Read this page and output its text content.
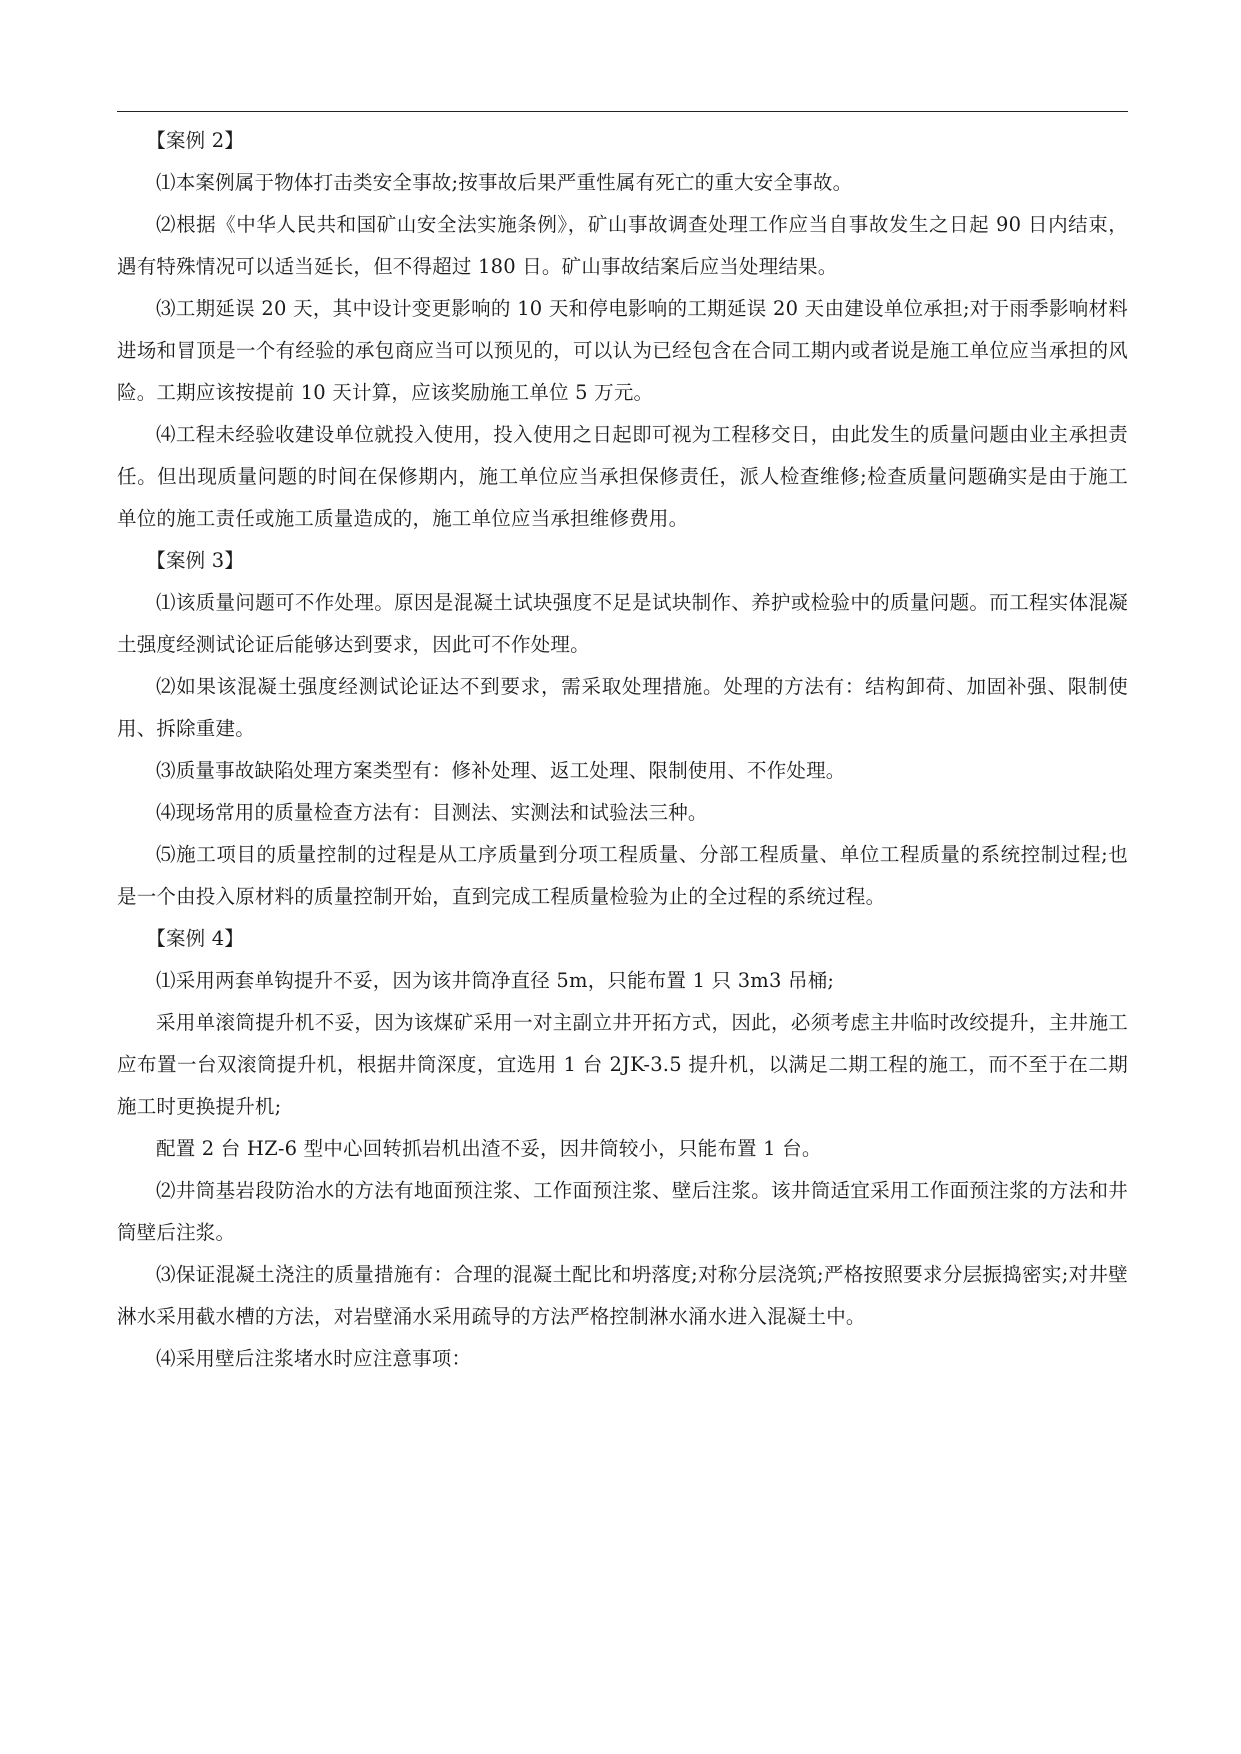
【案例 2】

⑴本案例属于物体打击类安全事故;按事故后果严重性属有死亡的重大安全事故。

⑵根据《中华人民共和国矿山安全法实施条例》，矿山事故调查处理工作应当自事故发生之日起 90 日内结束，遇有特殊情况可以适当延长，但不得超过 180 日。矿山事故结案后应当处理结果。

⑶工期延误 20 天，其中设计变更影响的 10 天和停电影响的工期延误 20 天由建设单位承担;对于雨季影响材料进场和冒顶是一个有经验的承包商应当可以预见的，可以认为已经包含在合同工期内或者说是施工单位应当承担的风险。工期应该按提前 10 天计算，应该奖励施工单位 5 万元。

⑷工程未经验收建设单位就投入使用，投入使用之日起即可视为工程移交日，由此发生的质量问题由业主承担责任。但出现质量问题的时间在保修期内，施工单位应当承担保修责任，派人检查维修;检查质量问题确实是由于施工单位的施工责任或施工质量造成的，施工单位应当承担维修费用。

【案例 3】

⑴该质量问题可不作处理。原因是混凝土试块强度不足是试块制作、养护或检验中的质量问题。而工程实体混凝土强度经测试论证后能够达到要求，因此可不作处理。

⑵如果该混凝土强度经测试论证达不到要求，需采取处理措施。处理的方法有：结构卸荷、加固补强、限制使用、拆除重建。

⑶质量事故缺陷处理方案类型有：修补处理、返工处理、限制使用、不作处理。

⑷现场常用的质量检查方法有：目测法、实测法和试验法三种。

⑸施工项目的质量控制的过程是从工序质量到分项工程质量、分部工程质量、单位工程质量的系统控制过程;也是一个由投入原材料的质量控制开始，直到完成工程质量检验为止的全过程的系统过程。

【案例 4】

⑴采用两套单钩提升不妥，因为该井筒净直径 5m，只能布置 1 只 3m3 吊桶;

采用单滚筒提升机不妥，因为该煤矿采用一对主副立井开拓方式，因此，必须考虑主井临时改绞提升，主井施工应布置一台双滚筒提升机，根据井筒深度，宜选用 1 台 2JK-3.5 提升机，以满足二期工程的施工，而不至于在二期施工时更换提升机;

配置 2 台 HZ-6 型中心回转抓岩机出渣不妥，因井筒较小，只能布置 1 台。

⑵井筒基岩段防治水的方法有地面预注浆、工作面预注浆、壁后注浆。该井筒适宜采用工作面预注浆的方法和井筒壁后注浆。

⑶保证混凝土浇注的质量措施有：合理的混凝土配比和坍落度;对称分层浇筑;严格按照要求分层振捣密实;对井壁淋水采用截水槽的方法，对岩壁涌水采用疏导的方法严格控制淋水涌水进入混凝土中。

⑷采用壁后注浆堵水时应注意事项：
